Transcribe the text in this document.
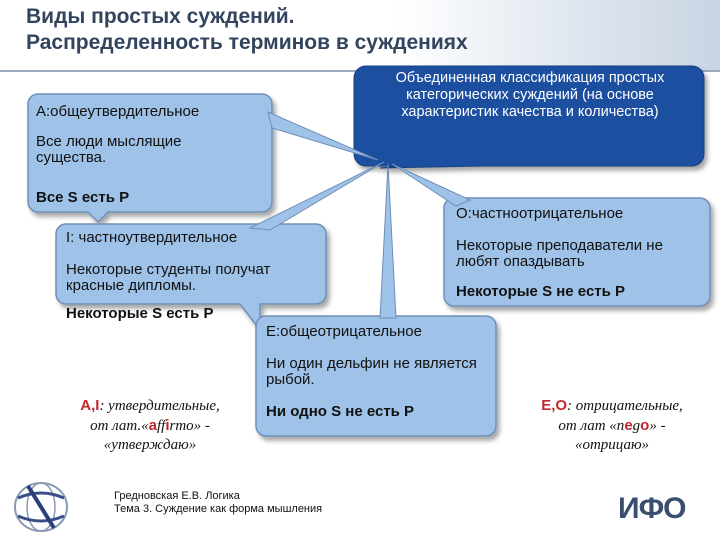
Виды простых суждений.
Распределенность терминов в суждениях
Объединенная классификация простых категорических суждений (на основе характеристик качества и количества)
А:общеутвердительное
Все люди мыслящие существа.
Все S есть P
I: частноутвердительное
Некоторые студенты получат красные дипломы.
Некоторые S есть P
О:частноотрицательное
Некоторые преподаватели не любят опаздывать
Некоторые S не есть P
Е:общеотрицательное
Ни один дельфин не является рыбой.
Ни одно S не есть P
A,I: утвердительные,
от лат.«affirmo» -
«утверждаю»
E,O: отрицательные,
от лат «nego» -
«отрицаю»
Гредновская Е.В. Логика
Тема 3. Суждение как форма мышления	ИФО
